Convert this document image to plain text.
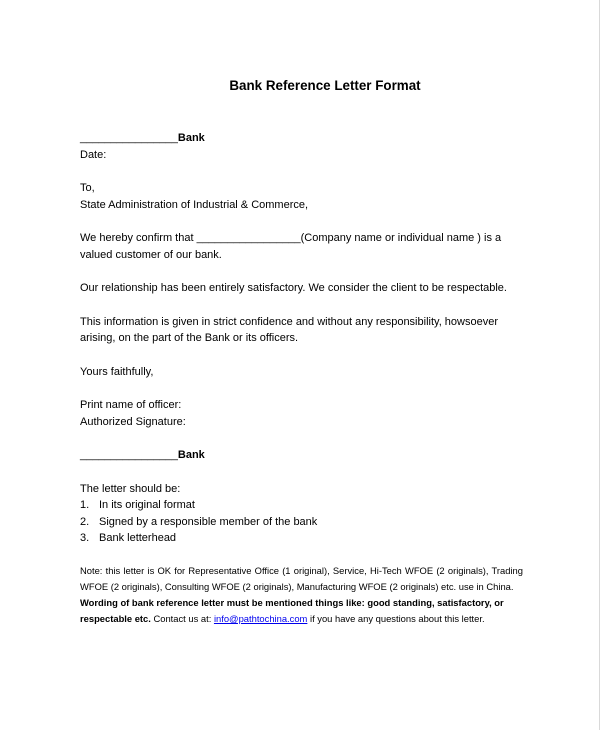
Bank Reference Letter Format

________________Bank

Date:

To,

State Administration of Industrial & Commerce,

We hereby confirm that _________________(Company name or individual name ) is a valued customer of our bank.

Our relationship has been entirely satisfactory. We consider the client to be respectable.

This information is given in strict confidence and without any responsibility, howsoever arising, on the part of the Bank or its officers.

Yours faithfully,

Print name of officer:

Authorized Signature:

________________Bank

The letter should be:

1. In its original format
2. Signed by a responsible member of the bank
3. Bank letterhead

Note: this letter is OK for Representative Office (1 original), Service, Hi-Tech WFOE (2 originals), Trading WFOE (2 originals), Consulting WFOE (2 originals), Manufacturing WFOE (2 originals) etc. use in China.

Wording of bank reference letter must be mentioned things like: good standing, satisfactory, or respectable etc. Contact us at: info@pathtochina.com if you have any questions about this letter.
